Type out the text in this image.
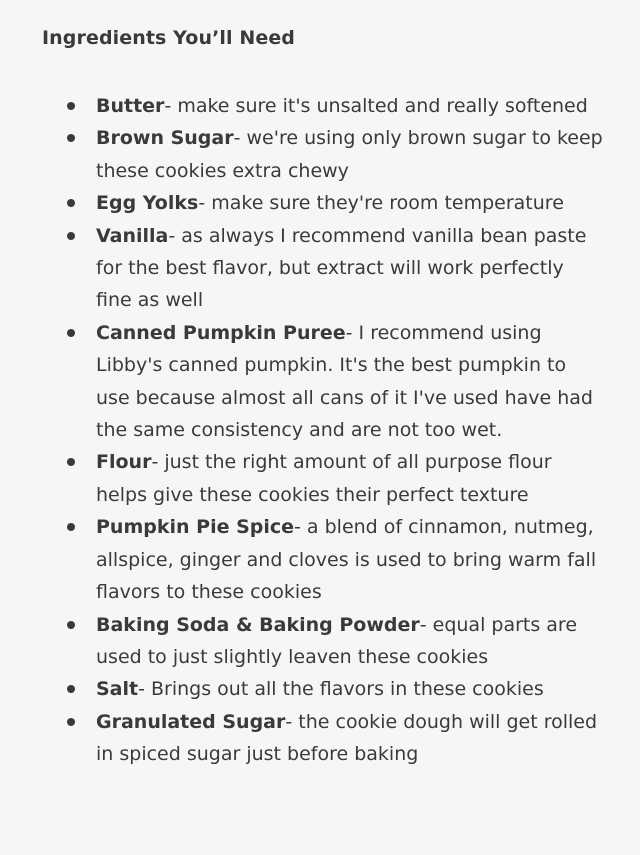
Ingredients You’ll Need
Butter- make sure it's unsalted and really softened
Brown Sugar- we're using only brown sugar to keep these cookies extra chewy
Egg Yolks- make sure they're room temperature
Vanilla- as always I recommend vanilla bean paste for the best flavor, but extract will work perfectly fine as well
Canned Pumpkin Puree- I recommend using Libby's canned pumpkin. It's the best pumpkin to use because almost all cans of it I've used have had the same consistency and are not too wet.
Flour- just the right amount of all purpose flour helps give these cookies their perfect texture
Pumpkin Pie Spice- a blend of cinnamon, nutmeg, allspice, ginger and cloves is used to bring warm fall flavors to these cookies
Baking Soda & Baking Powder- equal parts are used to just slightly leaven these cookies
Salt- Brings out all the flavors in these cookies
Granulated Sugar- the cookie dough will get rolled in spiced sugar just before baking
